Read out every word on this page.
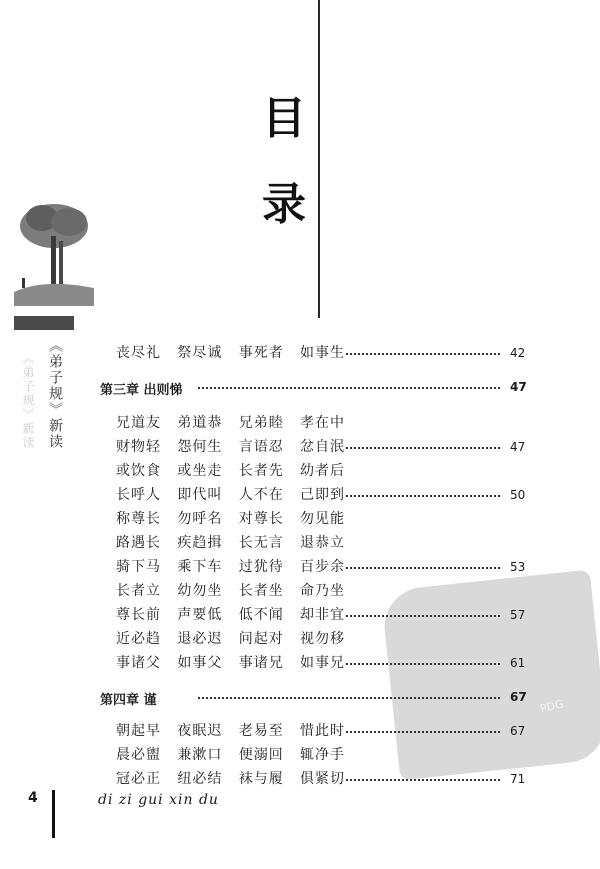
目
录
《弟子规》新读
《弟子规》新读
PDG
丧尽礼   祭尽诚   事死者   如事生	42
第三章 出则悌	47
兄道友   弟道恭   兄弟睦   孝在中
财物轻   怨何生   言语忍   忿自泯	47
或饮食   或坐走   长者先   幼者后
长呼人   即代叫   人不在   己即到	50
称尊长   勿呼名   对尊长   勿见能
路遇长   疾趋揖   长无言   退恭立
骑下马   乘下车   过犹待   百步余	53
长者立   幼勿坐   长者坐   命乃坐
尊长前   声要低   低不闻   却非宜	57
近必趋   退必迟   问起对   视勿移
事诸父   如事父   事诸兄   如事兄	61
第四章 谨	67
朝起早   夜眠迟   老易至   惜此时	67
晨必盥   兼漱口   便溺回   辄净手
冠必正   纽必结   袜与履   俱紧切	71
4	di zi gui xin du
